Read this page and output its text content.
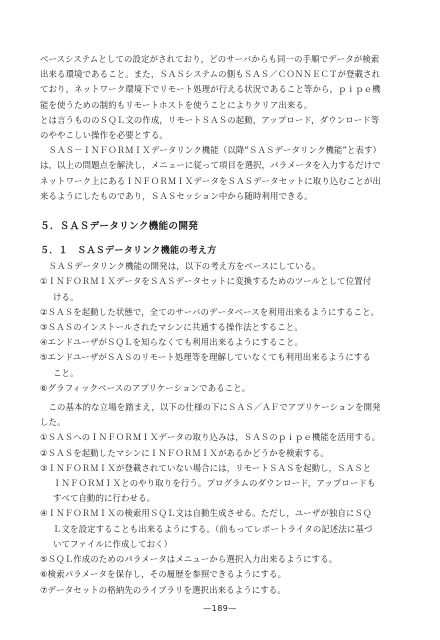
ベースシステムとしての設定がされており，どのサーバからも同一の手順でデータが検索

出来る環境であること。また，ＳＡＳシステムの側もＳＡＳ／ＣＯＮＮＥＣＴが登載され

ており，ネットワーク環境下でリモート処理が行える状況であること等から，ｐｉｐｅ機

能を使うための制約もリモートホストを使うことによりクリア出来る。

とは言うもののＳＱＬ文の作成，リモートＳＡＳの起動，アップロード，ダウンロード等

のややこしい操作を必要とする。

　ＳＡＳ－ＩＮＦＯＲＭＩＸデータリンク機能（以降“ＳＡＳデータリンク機能”と表す）

は，以上の問題点を解決し，メニューに従って項目を選択，パラメータを入力するだけで

ネットワーク上にあるＩＮＦＯＲＭＩＸデータをＳＡＳデータセットに取り込むことが出

来るようにしたものであり，ＳＡＳセッション中から随時利用できる。

５．ＳＡＳデータリンク機能の開発
５．１　ＳＡＳデータリンク機能の考え方

　ＳＡＳデータリンク機能の開発は，以下の考え方をベースにしている。

①ＩＮＦＯＲＭＩＸデータをＳＡＳデータセットに変換するためのツールとして位置付

ける。

②ＳＡＳを起動した状態で，全てのサーバのデータベースを利用出来るようにすること。

③ＳＡＳのインストールされたマシンに共通する操作法とすること。

④エンドユーザがＳＱＬを知らなくても利用出来るようにすること。

⑤エンドユーザがＳＡＳのリモート処理等を理解していなくても利用出来るようにする

こと。

⑥グラフィックベースのアプリケーションであること。

　この基本的な立場を踏まえ，以下の仕様の下にＳＡＳ／ＡＦでアプリケーションを開発

した。

①ＳＡＳへのＩＮＦＯＲＭＩＸデータの取り込みは，ＳＡＳのｐｉｐｅ機能を活用する。

②ＳＡＳを起動したマシンにＩＮＦＯＲＭＩＸがあるかどうかを検索する。

③ＩＮＦＯＲＭＩＸが登載されていない場合には，リモートＳＡＳを起動し，ＳＡＳと

ＩＮＦＯＲＭＩＸとのやり取りを行う。プログラムのダウンロード，アップロードも

すべて自動的に行わせる。

④ＩＮＦＯＲＭＩＸの検索用ＳＱＬ文は自動生成させる。ただし，ユーザが独自にＳＱ

Ｌ文を設定することも出来るようにする。（前もってレポートライタの記述法に基づ

いてファイルに作成しておく）

⑤ＳＱＬ作成のためのパラメータはメニューから選択入力出来るようにする。

⑥検索パラメータを保存し，その履歴を参照できるようにする。

⑦データセットの格納先のライブラリを選択出来るようにする。

—189—
